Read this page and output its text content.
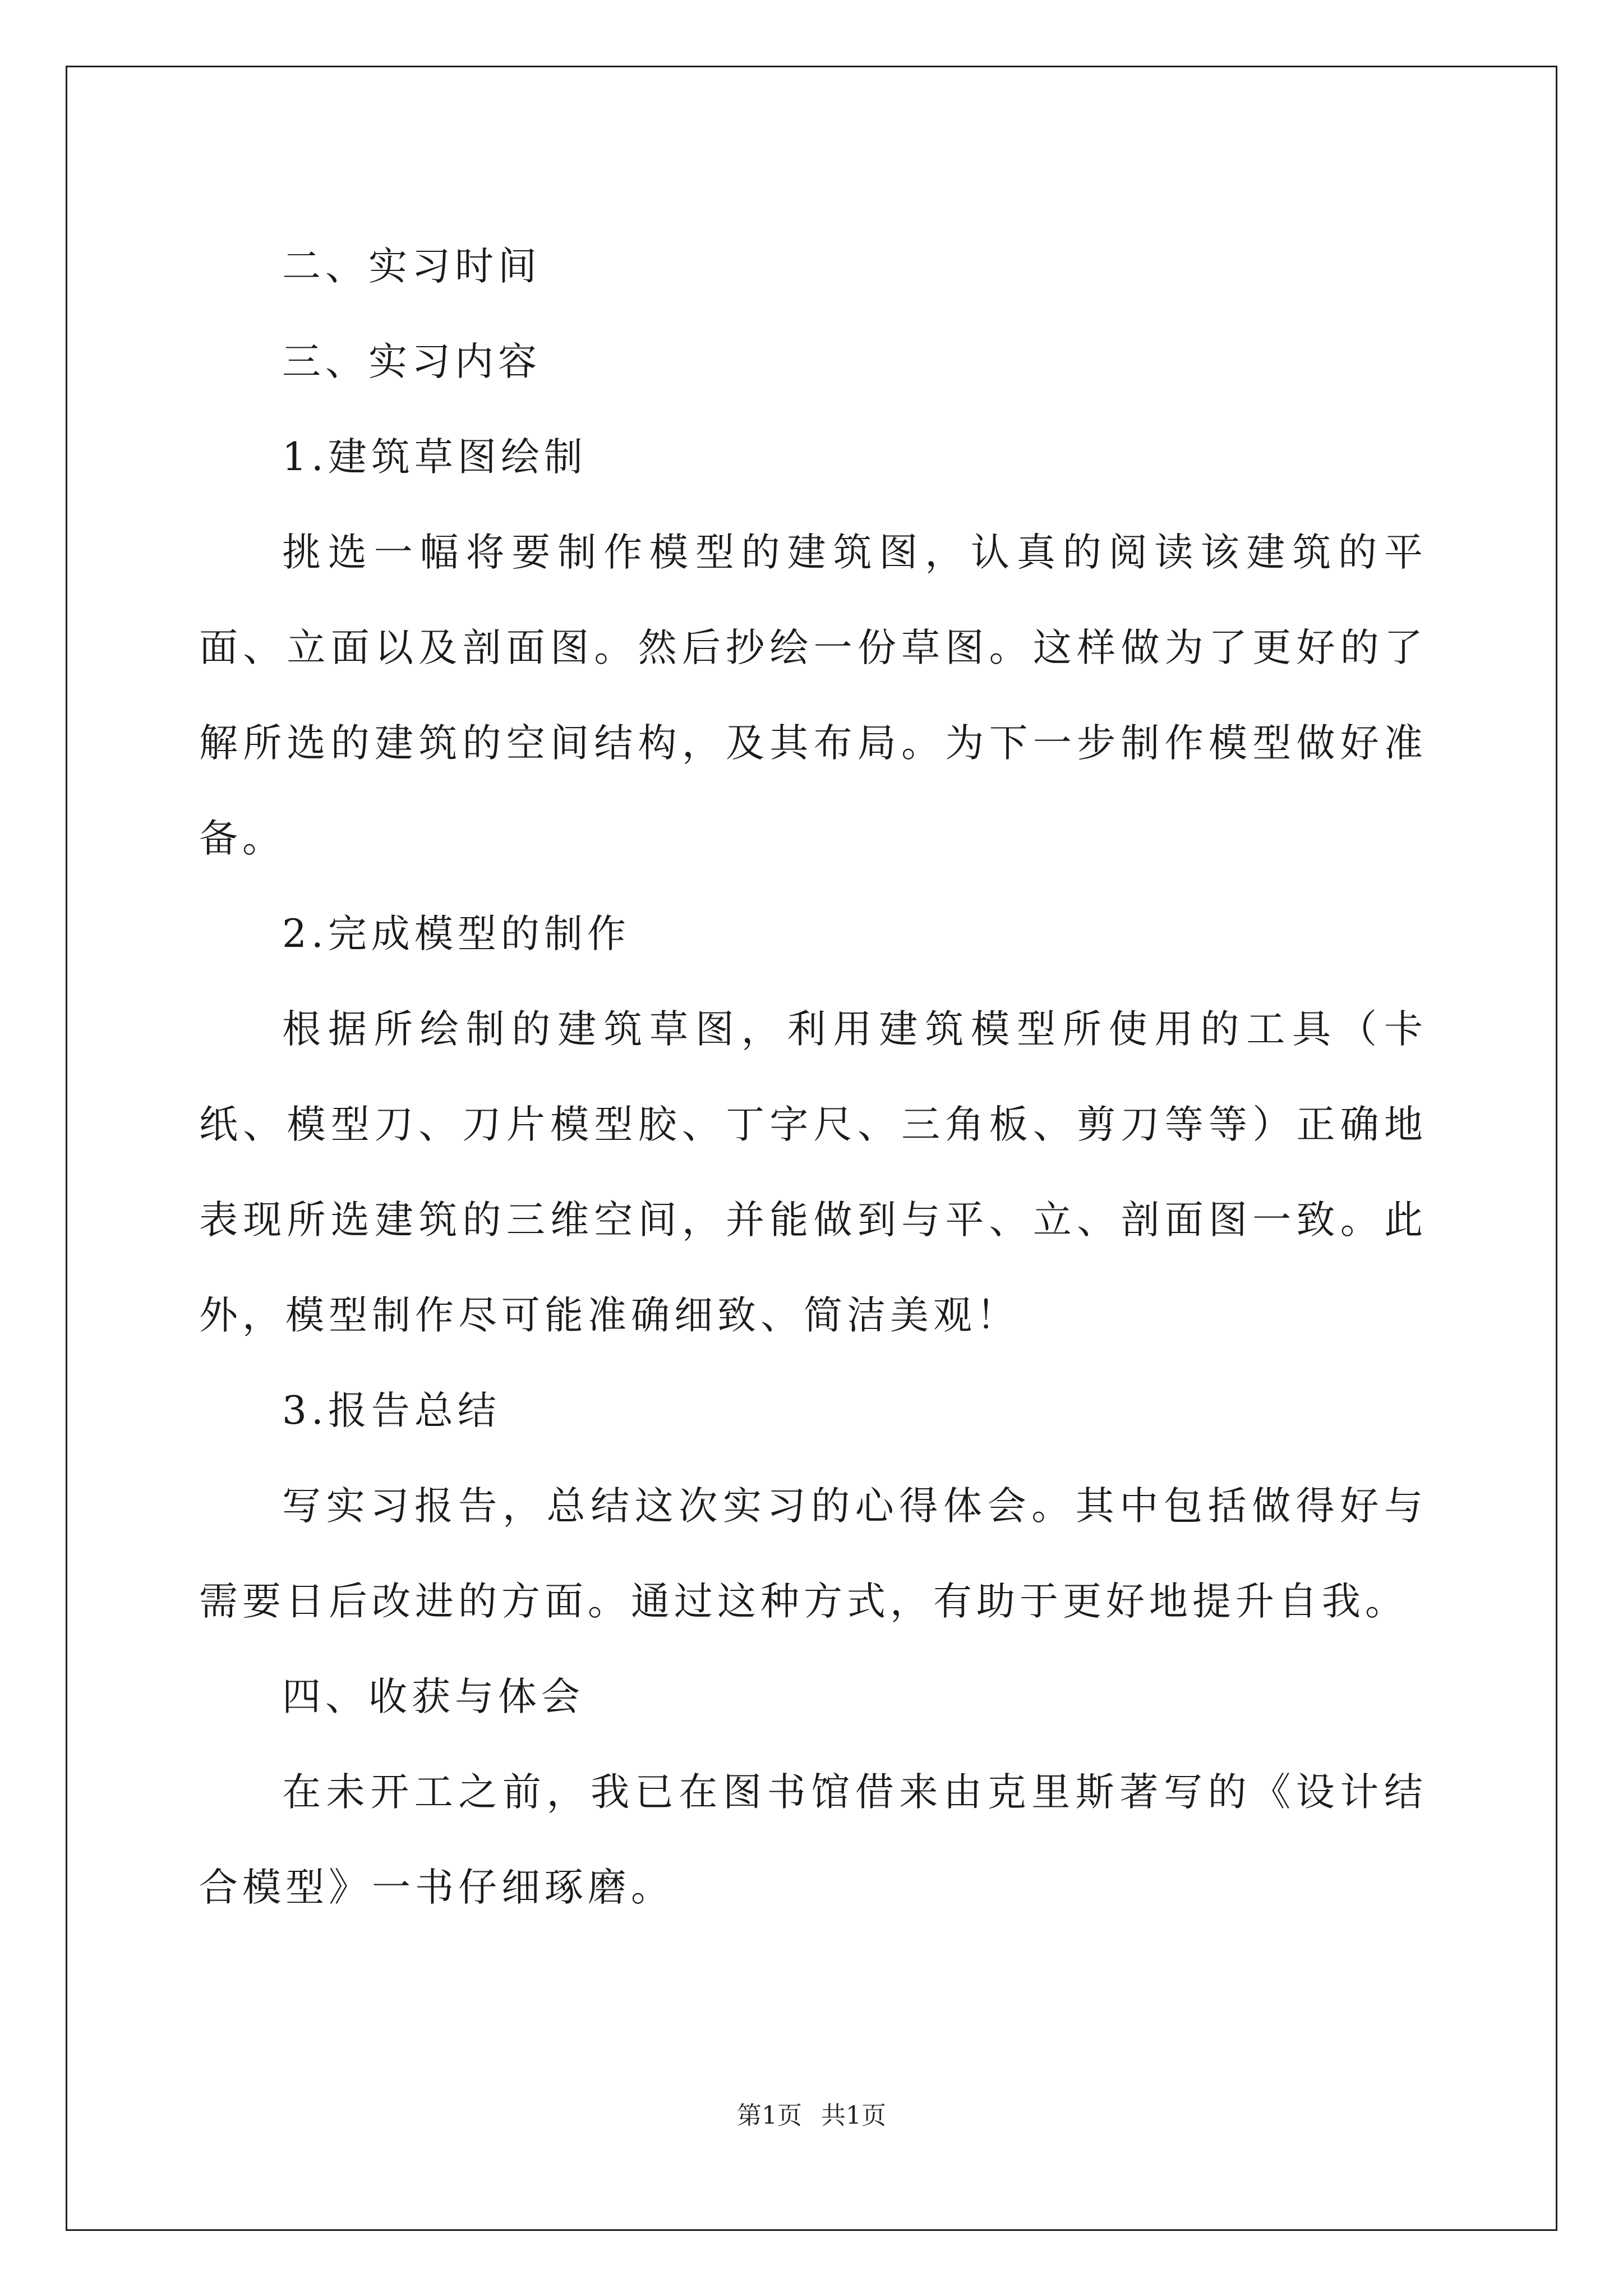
二、实习时间

三、实习内容

1.建筑草图绘制

挑选一幅将要制作模型的建筑图，认真的阅读该建筑的平面、立面以及剖面图。然后抄绘一份草图。这样做为了更好的了解所选的建筑的空间结构，及其布局。为下一步制作模型做好准备。

2.完成模型的制作

根据所绘制的建筑草图，利用建筑模型所使用的工具（卡纸、模型刀、刀片模型胶、丁字尺、三角板、剪刀等等）正确地表现所选建筑的三维空间，并能做到与平、立、剖面图一致。此外，模型制作尽可能准确细致、简洁美观！

3.报告总结

写实习报告，总结这次实习的心得体会。其中包括做得好与需要日后改进的方面。通过这种方式，有助于更好地提升自我。

四、收获与体会

在未开工之前，我已在图书馆借来由克里斯著写的《设计结合模型》一书仔细琢磨。

第1页 共1页
